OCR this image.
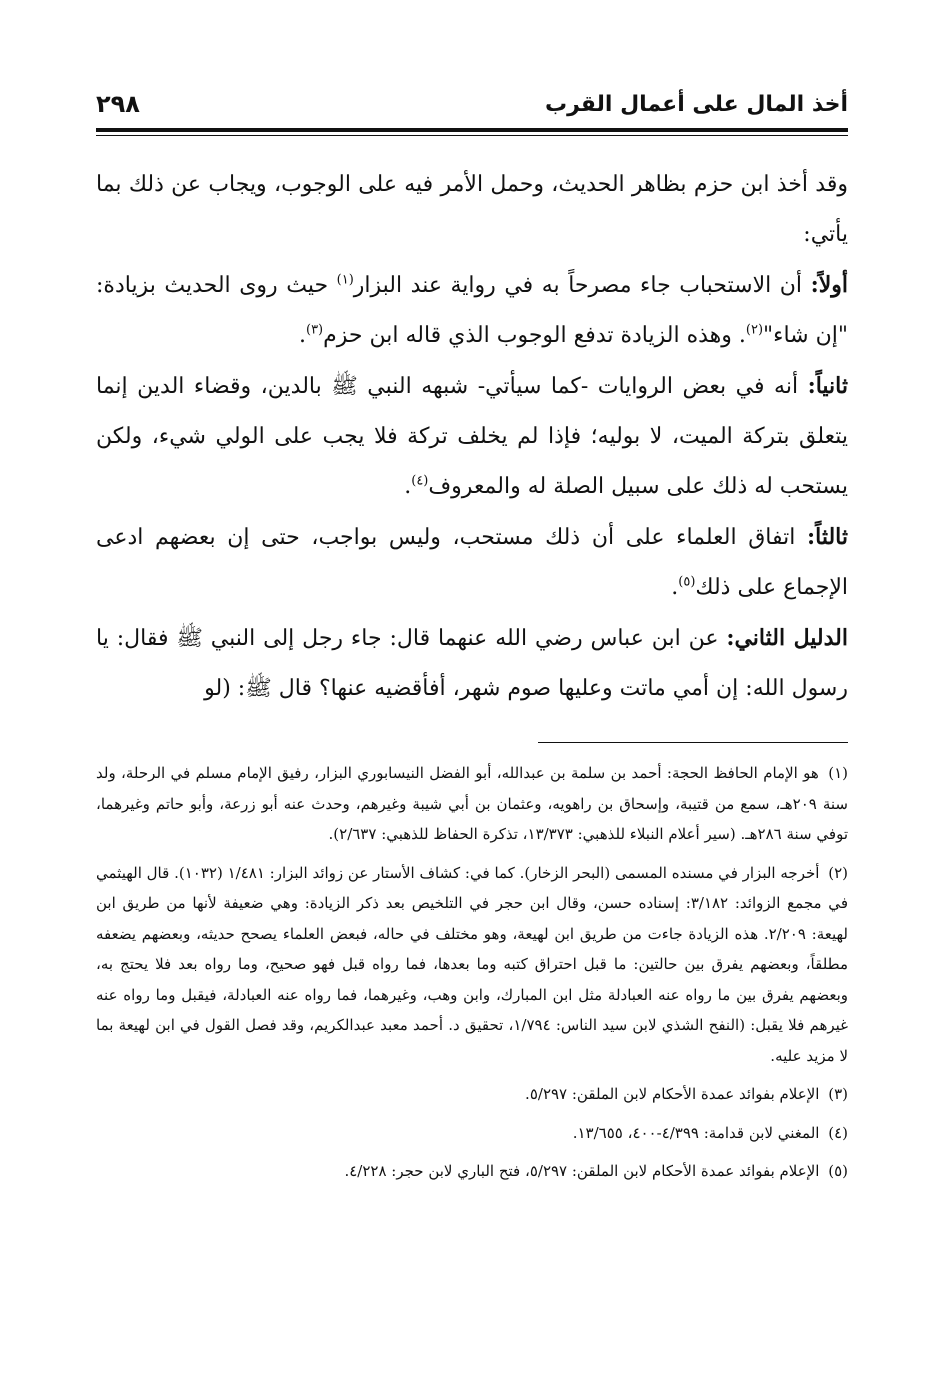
أخذ المال على أعمال القرب
٢٩٨

وقد أخذ ابن حزم بظاهر الحديث، وحمل الأمر فيه على الوجوب، ويجاب عن ذلك بما يأتي:

أولاً: أن الاستحباب جاء مصرحاً به في رواية عند البزار$^{(١)}$ حيث روى الحديث بزيادة: "إن شاء"$^{(٢)}$. وهذه الزيادة تدفع الوجوب الذي قاله ابن حزم$^{(٣)}$.

ثانياً: أنه في بعض الروايات -كما سيأتي- شبهه النبي ﷺ بالدين، وقضاء الدين إنما يتعلق بتركة الميت، لا بوليه؛ فإذا لم يخلف تركة فلا يجب على الولي شيء، ولكن يستحب له ذلك على سبيل الصلة له والمعروف$^{(٤)}$.

ثالثاً: اتفاق العلماء على أن ذلك مستحب، وليس بواجب، حتى إن بعضهم ادعى الإجماع على ذلك$^{(٥)}$.

الدليل الثاني: عن ابن عباس رضي الله عنهما قال: جاء رجل إلى النبي ﷺ فقال: يا رسول الله: إن أمي ماتت وعليها صوم شهر، أفأقضيه عنها؟ قال ﷺ: (لو

(١) هو الإمام الحافظ الحجة: أحمد بن سلمة بن عبدالله، أبو الفضل النيسابوري البزار، رفيق الإمام مسلم في الرحلة، ولد سنة ٢٠٩هـ، سمع من قتيبة، وإسحاق بن راهويه، وعثمان بن أبي شيبة وغيرهم، وحدث عنه أبو زرعة، وأبو حاتم وغيرهما، توفي سنة ٢٨٦هـ. (سير أعلام النبلاء للذهبي: ١٣/٣٧٣، تذكرة الحفاظ للذهبي: ٢/٦٣٧).

(٢) أخرجه البزار في مسنده المسمى (البحر الزخار). كما في: كشاف الأستار عن زوائد البزار: ١/٤٨١ (١٠٣٢). قال الهيثمي في مجمع الزوائد: ٣/١٨٢: إسناده حسن، وقال ابن حجر في التلخيص بعد ذكر الزيادة: وهي ضعيفة لأنها من طريق ابن لهيعة: ٢/٢٠٩. هذه الزيادة جاءت من طريق ابن لهيعة، وهو مختلف في حاله، فبعض العلماء يصحح حديثه، وبعضهم يضعفه مطلقاً، وبعضهم يفرق بين حالتين: ما قبل احتراق كتبه وما بعدها، فما رواه قبل فهو صحيح، وما رواه بعد فلا يحتج به، وبعضهم يفرق بين ما رواه عنه العبادلة مثل ابن المبارك، وابن وهب، وغيرهما، فما رواه عنه العبادلة، فيقبل وما رواه عنه غيرهم فلا يقبل: (النفح الشذي لابن سيد الناس: ١/٧٩٤، تحقيق د. أحمد معبد عبدالكريم، وقد فصل القول في ابن لهيعة بما لا مزيد عليه.

(٣) الإعلام بفوائد عمدة الأحكام لابن الملقن: ٥/٢٩٧.

(٤) المغني لابن قدامة: ٤/٣٩٩-٤٠٠، ١٣/٦٥٥.

(٥) الإعلام بفوائد عمدة الأحكام لابن الملقن: ٥/٢٩٧، فتح الباري لابن حجر: ٤/٢٢٨.
